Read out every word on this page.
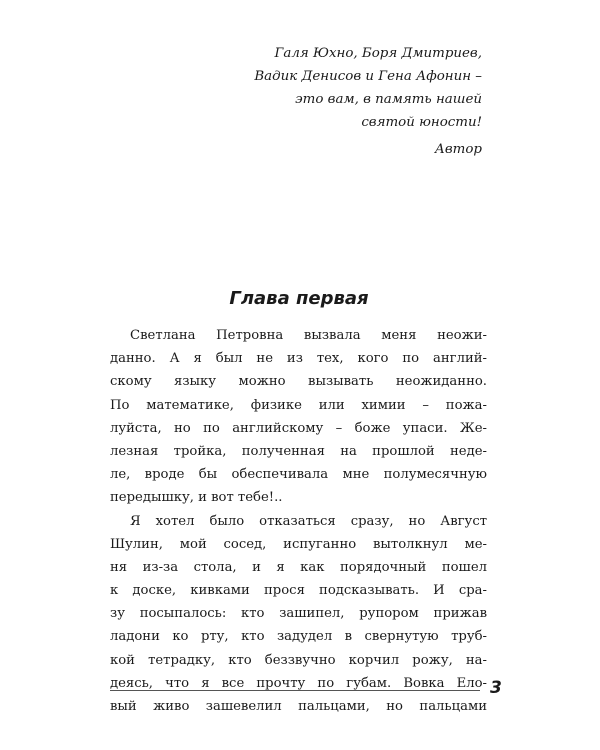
Галя Юхно, Боря Дмитриев,
Вадик Денисов и Гена Афонин –
это вам, в память нашей
святой юности!
Автор
Глава первая
Светлана Петровна вызвала меня неожи-
данно. А я был не из тех, кого по англий-
скому языку можно вызывать неожиданно.
По математике, физике или химии – пожа-
луйста, но по английскому – боже упаси. Же-
лезная тройка, полученная на прошлой неде-
ле, вроде бы обеспечивала мне полумесячную
передышку, и вот тебе!..
Я хотел было отказаться сразу, но Август
Шулин, мой сосед, испуганно вытолкнул ме-
ня из-за стола, и я как порядочный пошел
к доске, кивками прося подсказывать. И сра-
зу посыпалось: кто зашипел, рупором прижав
ладони ко рту, кто задудел в свернутую труб-
кой тетрадку, кто беззвучно корчил рожу, на-
деясь, что я все прочту по губам. Вовка Ело-
вый живо зашевелил пальцами, но пальцами
3
